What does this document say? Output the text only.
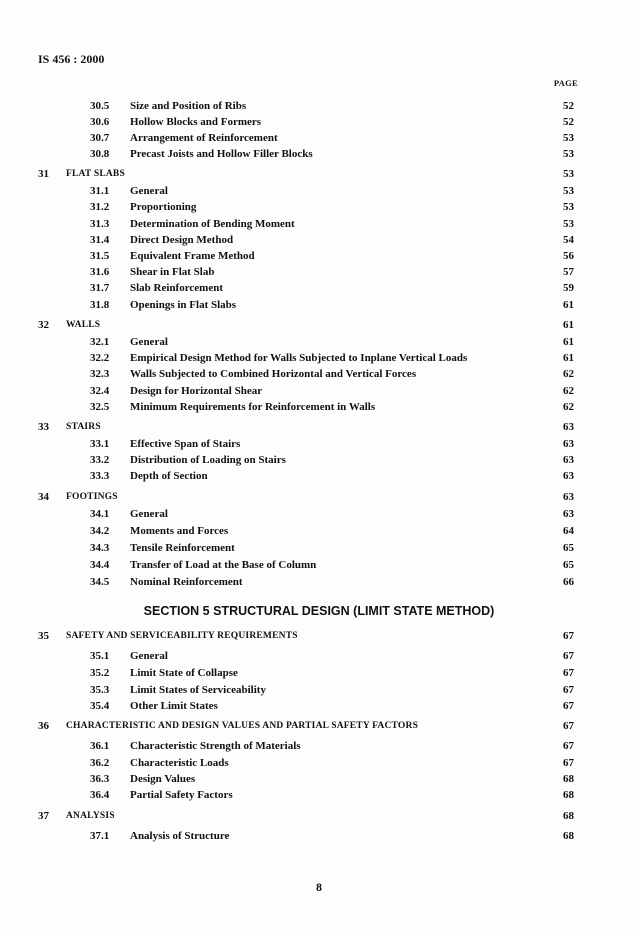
IS 456 : 2000
PAGE
30.5 Size and Position of Ribs	52
30.6 Hollow Blocks and Formers	52
30.7 Arrangement of Reinforcement	53
30.8 Precast Joists and Hollow Filler Blocks	53
31 FLAT SLABS	53
31.1 General	53
31.2 Proportioning	53
31.3 Determination of Bending Moment	53
31.4 Direct Design Method	54
31.5 Equivalent Frame Method	56
31.6 Shear in Flat Slab	57
31.7 Slab Reinforcement	59
31.8 Openings in Flat Slabs	61
32 WALLS	61
32.1 General	61
32.2 Empirical Design Method for Walls Subjected to Inplane Vertical Loads	61
32.3 Walls Subjected to Combined Horizontal and Vertical Forces	62
32.4 Design for Horizontal Shear	62
32.5 Minimum Requirements for Reinforcement in Walls	62
33 STAIRS	63
33.1 Effective Span of Stairs	63
33.2 Distribution of Loading on Stairs	63
33.3 Depth of Section	63
34 FOOTINGS	63
34.1 General	63
34.2 Moments and Forces	64
34.3 Tensile Reinforcement	65
34.4 Transfer of Load at the Base of Column	65
34.5 Nominal Reinforcement	66
35 SAFETY AND SERVICEABILITY REQUIREMENTS	67
35.1 General	67
35.2 Limit State of Collapse	67
35.3 Limit States of Serviceability	67
35.4 Other Limit States	67
36 CHARACTERISTIC AND DESIGN VALUES AND PARTIAL SAFETY FACTORS	67
36.1 Characteristic Strength of Materials	67
36.2 Characteristic Loads	67
36.3 Design Values	68
36.4 Partial Safety Factors	68
37 ANALYSIS	68
37.1 Analysis of Structure	68
SECTION 5 STRUCTURAL DESIGN (LIMIT STATE METHOD)
8
